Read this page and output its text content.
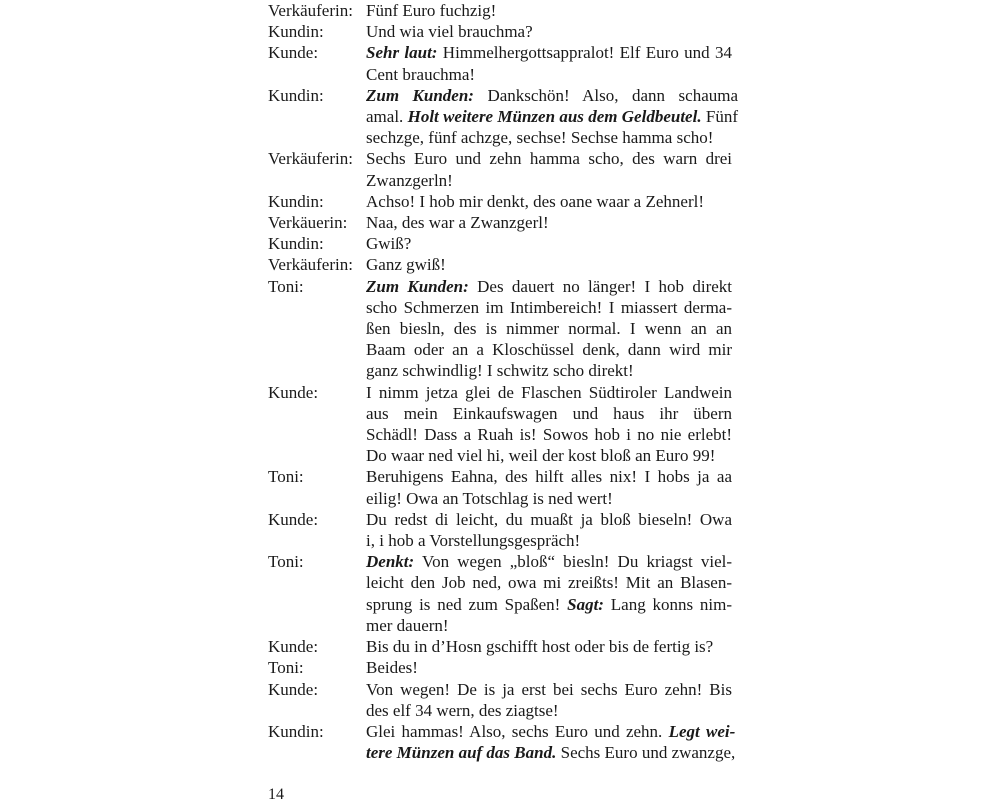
Verkäuferin: Fünf Euro fuchzig!
Kundin:	Und wia viel brauchma?
Kunde:	Sehr laut: Himmelhergottsappralot! Elf Euro und 34
Cent brauchma!
Kundin:	Zum Kunden: Dankschön! Also, dann schauma
amal. Holt weitere Münzen aus dem Geldbeutel. Fünf
sechzge, fünf achzge, sechse! Sechse hamma scho!
Verkäuferin: Sechs Euro und zehn hamma scho, des warn drei
Zwanzgerln!
Kundin:	Achso! I hob mir denkt, des oane waar a Zehnerl!
Verkäuerin:	Naa, des war a Zwanzgerl!
Kundin:	Gwiß?
Verkäuferin: Ganz gwiß!
Toni:	Zum Kunden: Des dauert no länger! I hob direkt
scho Schmerzen im Intimbereich! I miassert derma-
ßen biesln, des is nimmer normal. I wenn an an
Baam oder an a Kloschüssel denk, dann wird mir
ganz schwindlig! I schwitz scho direkt!
Kunde:	I nimm jetza glei de Flaschen Südtiroler Landwein
aus mein Einkaufswagen und haus ihr übern
Schädl! Dass a Ruah is! Sowos hob i no nie erlebt!
Do waar ned viel hi, weil der kost bloß an Euro 99!
Toni:	Beruhigens Eahna, des hilft alles nix! I hobs ja aa
eilig! Owa an Totschlag is ned wert!
Kunde:	Du redst di leicht, du muaßt ja bloß bieseln! Owa
i, i hob a Vorstellungsgespräch!
Toni:	Denkt: Von wegen „bloß“ biesln! Du kriagst viel-
leicht den Job ned, owa mi zreißts! Mit an Blasen-
sprung is ned zum Spaßen! Sagt: Lang konns nim-
mer dauern!
Kunde:	Bis du in d’Hosn gschifft host oder bis de fertig is?
Toni:	Beides!
Kunde:	Von wegen! De is ja erst bei sechs Euro zehn! Bis
des elf 34 wern, des ziagtse!
Kundin:	Glei hammas! Also, sechs Euro und zehn. Legt wei-
tere Münzen auf das Band. Sechs Euro und zwanzge,
14
